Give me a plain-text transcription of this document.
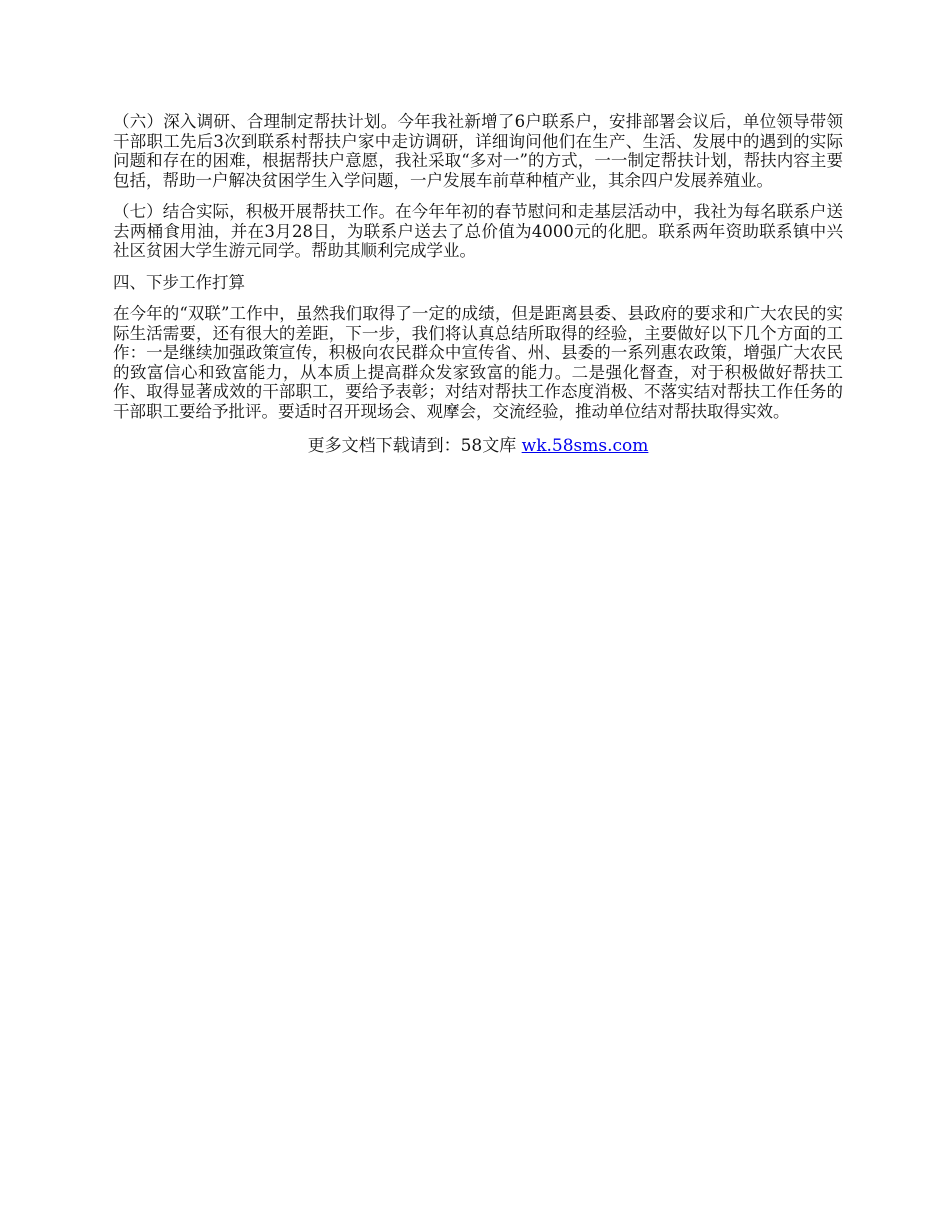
（六）深入调研、合理制定帮扶计划。今年我社新增了6户联系户，安排部署会议后，单位领导带领干部职工先后3次到联系村帮扶户家中走访调研，详细询问他们在生产、生活、发展中的遇到的实际问题和存在的困难，根据帮扶户意愿，我社采取“多对一”的方式，一一制定帮扶计划，帮扶内容主要包括，帮助一户解决贫困学生入学问题，一户发展车前草种植产业，其余四户发展养殖业。

（七）结合实际，积极开展帮扶工作。在今年年初的春节慰问和走基层活动中，我社为每名联系户送去两桶食用油，并在3月28日，为联系户送去了总价值为4000元的化肥。联系两年资助联系镇中兴社区贫困大学生游元同学。帮助其顺利完成学业。

四、下步工作打算

在今年的“双联”工作中，虽然我们取得了一定的成绩，但是距离县委、县政府的要求和广大农民的实际生活需要，还有很大的差距，下一步，我们将认真总结所取得的经验，主要做好以下几个方面的工作：一是继续加强政策宣传，积极向农民群众中宣传省、州、县委的一系列惠农政策，增强广大农民的致富信心和致富能力，从本质上提高群众发家致富的能力。二是强化督查，对于积极做好帮扶工作、取得显著成效的干部职工，要给予表彰；对结对帮扶工作态度消极、不落实结对帮扶工作任务的干部职工要给予批评。要适时召开现场会、观摩会，交流经验，推动单位结对帮扶取得实效。

更多文档下载请到：58文库 wk.58sms.com
